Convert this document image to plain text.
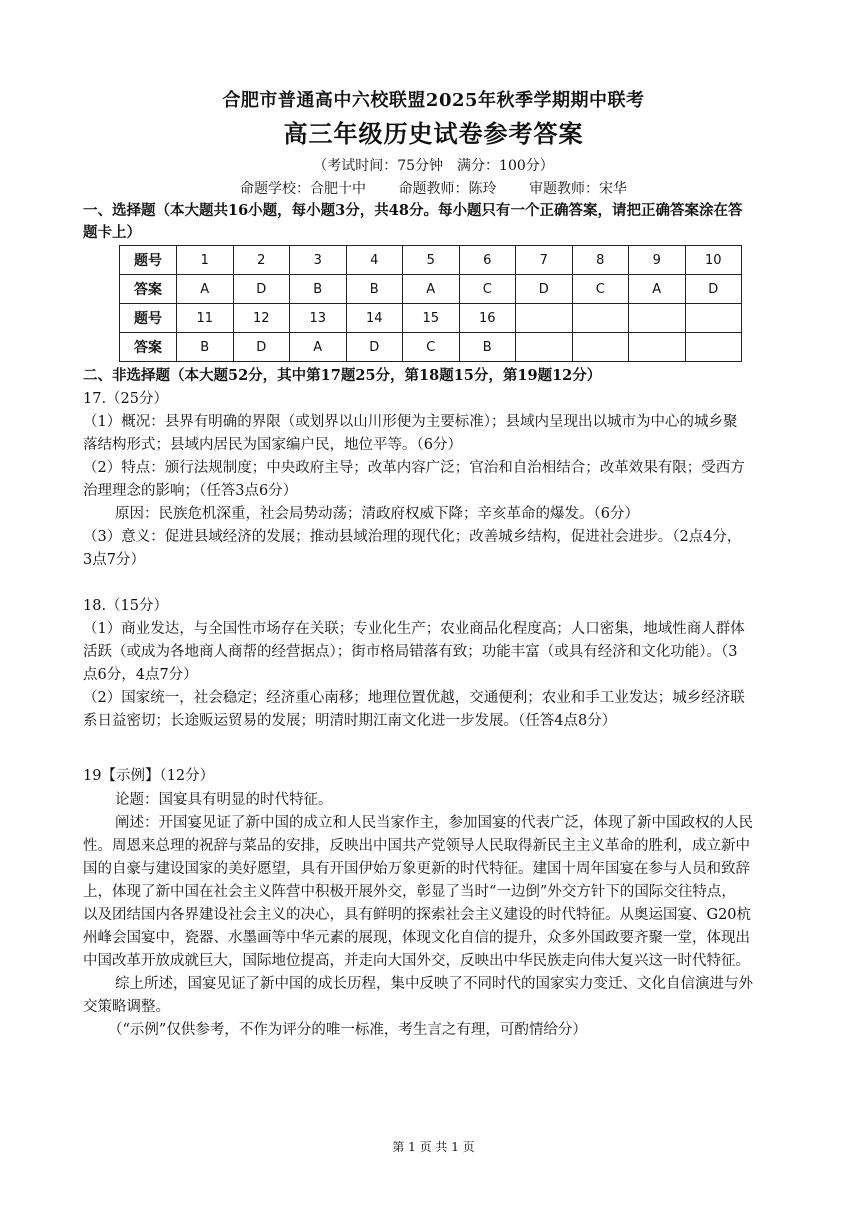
合肥市普通高中六校联盟2025年秋季学期期中联考
高三年级历史试卷参考答案
（考试时间：75分钟　满分：100分）
命题学校：合肥十中 命题教师：陈玲 审题教师：宋华
一、选择题（本大题共16小题，每小题3分，共48分。每小题只有一个正确答案，请把正确答案涂在答
题卡上）
题号	1	2	3	4	5	6	7	8	9	10
答案	A	D	B	B	A	C	D	C	A	D
题号	11	12	13	14	15	16				
答案	B	D	A	D	C	B				
二、非选择题（本大题52分，其中第17题25分，第18题15分，第19题12分）
17.（25分）
（1）概况：县界有明确的界限（或划界以山川形便为主要标准）；县域内呈现出以城市为中心的城乡聚
落结构形式；县域内居民为国家编户民，地位平等。（6分）
（2）特点：颁行法规制度；中央政府主导；改革内容广泛；官治和自治相结合；改革效果有限；受西方
治理理念的影响；（任答3点6分）
原因：民族危机深重，社会局势动荡；清政府权威下降；辛亥革命的爆发。（6分）
（3）意义：促进县域经济的发展；推动县域治理的现代化；改善城乡结构，促进社会进步。（2点4分，
3点7分）
18.（15分）
（1）商业发达，与全国性市场存在关联；专业化生产；农业商品化程度高；人口密集，地域性商人群体
活跃（或成为各地商人商帮的经营据点）；街市格局错落有致；功能丰富（或具有经济和文化功能）。（3
点6分，4点7分）
（2）国家统一，社会稳定；经济重心南移；地理位置优越，交通便利；农业和手工业发达；城乡经济联
系日益密切；长途贩运贸易的发展；明清时期江南文化进一步发展。（任答4点8分）
19【示例】（12分）
论题：国宴具有明显的时代特征。
阐述：开国宴见证了新中国的成立和人民当家作主，参加国宴的代表广泛，体现了新中国政权的人民
性。周恩来总理的祝辞与菜品的安排，反映出中国共产党领导人民取得新民主主义革命的胜利，成立新中
国的自豪与建设国家的美好愿望，具有开国伊始万象更新的时代特征。建国十周年国宴在参与人员和致辞
上，体现了新中国在社会主义阵营中积极开展外交，彰显了当时“一边倒”外交方针下的国际交往特点，
以及团结国内各界建设社会主义的决心，具有鲜明的探索社会主义建设的时代特征。从奥运国宴、G20杭
州峰会国宴中，瓷器、水墨画等中华元素的展现，体现文化自信的提升，众多外国政要齐聚一堂，体现出
中国改革开放成就巨大，国际地位提高，并走向大国外交，反映出中华民族走向伟大复兴这一时代特征。
综上所述，国宴见证了新中国的成长历程，集中反映了不同时代的国家实力变迁、文化自信演进与外
交策略调整。
（“示例”仅供参考，不作为评分的唯一标准，考生言之有理，可酌情给分）
第 1 页 共 1 页
